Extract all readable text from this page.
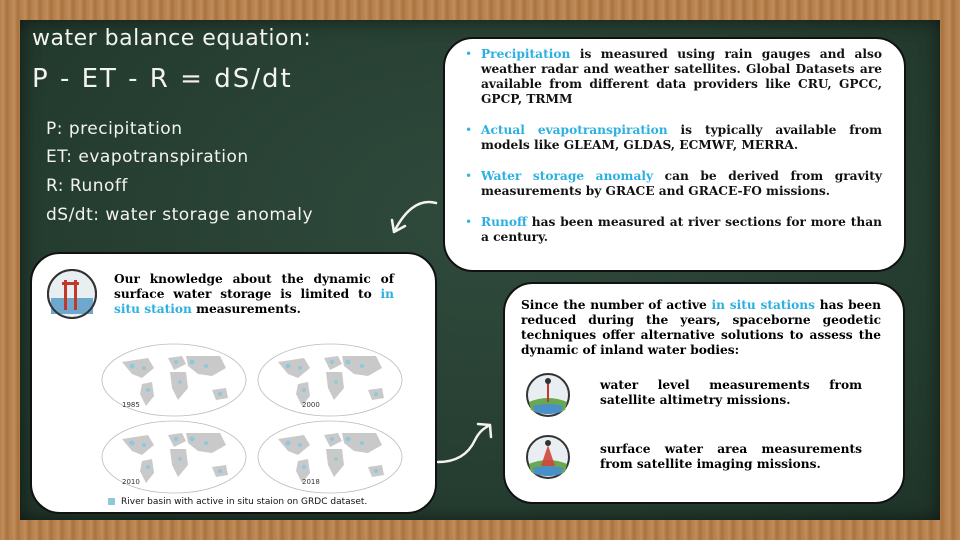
water balance equation:
P - ET - R = dS/dt
P: precipitation
ET: evapotranspiration
R: Runoff
dS/dt: water storage anomaly
• Precipitation is measured using rain gauges and also weather radar and weather satellites. Global Datasets are available from different data providers like CRU, GPCC, GPCP, TRMM
• Actual evapotranspiration is typically available from models like GLEAM, GLDAS, ECMWF, MERRA.
• Water storage anomaly can be derived from gravity measurements by GRACE and GRACE-FO missions.
• Runoff has been measured at river sections for more than a century.
Our knowledge about the dynamic of surface water storage is limited to in situ station measurements.
1985	2000
2010	2018
River basin with active in situ staion on GRDC dataset.
Since the number of active in situ stations has been reduced during the years, spaceborne geodetic techniques offer alternative solutions to assess the dynamic of inland water bodies:
water level measurements from satellite altimetry missions.
surface water area measurements from satellite imaging missions.
